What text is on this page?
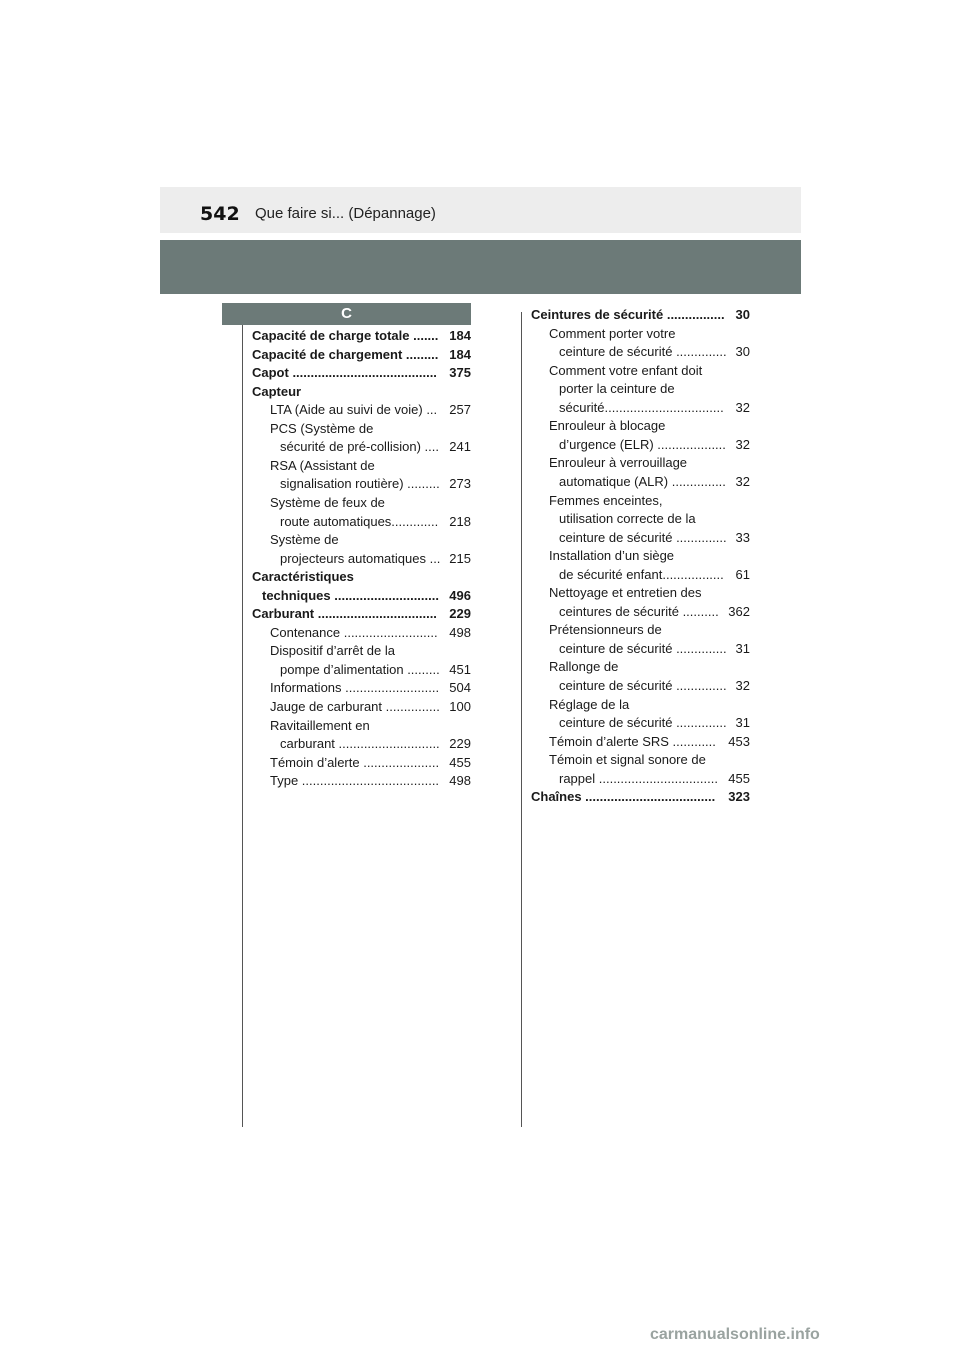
542 Que faire si... (Dépannage)
C
Capacité de charge totale ....... 184
Capacité de chargement ......... 184
Capot ........................................ 375
Capteur
LTA (Aide au suivi de voie) ... 257
PCS (Système de
sécurité de pré-collision) .... 241
RSA (Assistant de
signalisation routière) ......... 273
Système de feux de
route automatiques............. 218
Système de
projecteurs automatiques ... 215
Caractéristiques
techniques ............................. 496
Carburant ................................. 229
Contenance .......................... 498
Dispositif d’arrêt de la
pompe d’alimentation ......... 451
Informations .......................... 504
Jauge de carburant ............... 100
Ravitaillement en
carburant ............................ 229
Témoin d’alerte ..................... 455
Type ...................................... 498
Ceintures de sécurité ................ 30
Comment porter votre
ceinture de sécurité .............. 30
Comment votre enfant doit
porter la ceinture de
sécurité................................. 32
Enrouleur à blocage
d’urgence (ELR) ................... 32
Enrouleur à verrouillage
automatique (ALR) ............... 32
Femmes enceintes,
utilisation correcte de la
ceinture de sécurité .............. 33
Installation d’un siège
de sécurité enfant................. 61
Nettoyage et entretien des
ceintures de sécurité .......... 362
Prétensionneurs de
ceinture de sécurité .............. 31
Rallonge de
ceinture de sécurité .............. 32
Réglage de la
ceinture de sécurité .............. 31
Témoin d’alerte SRS ............ 453
Témoin et signal sonore de
rappel ................................. 455
Chaînes .................................... 323
carmanualsonline.info
